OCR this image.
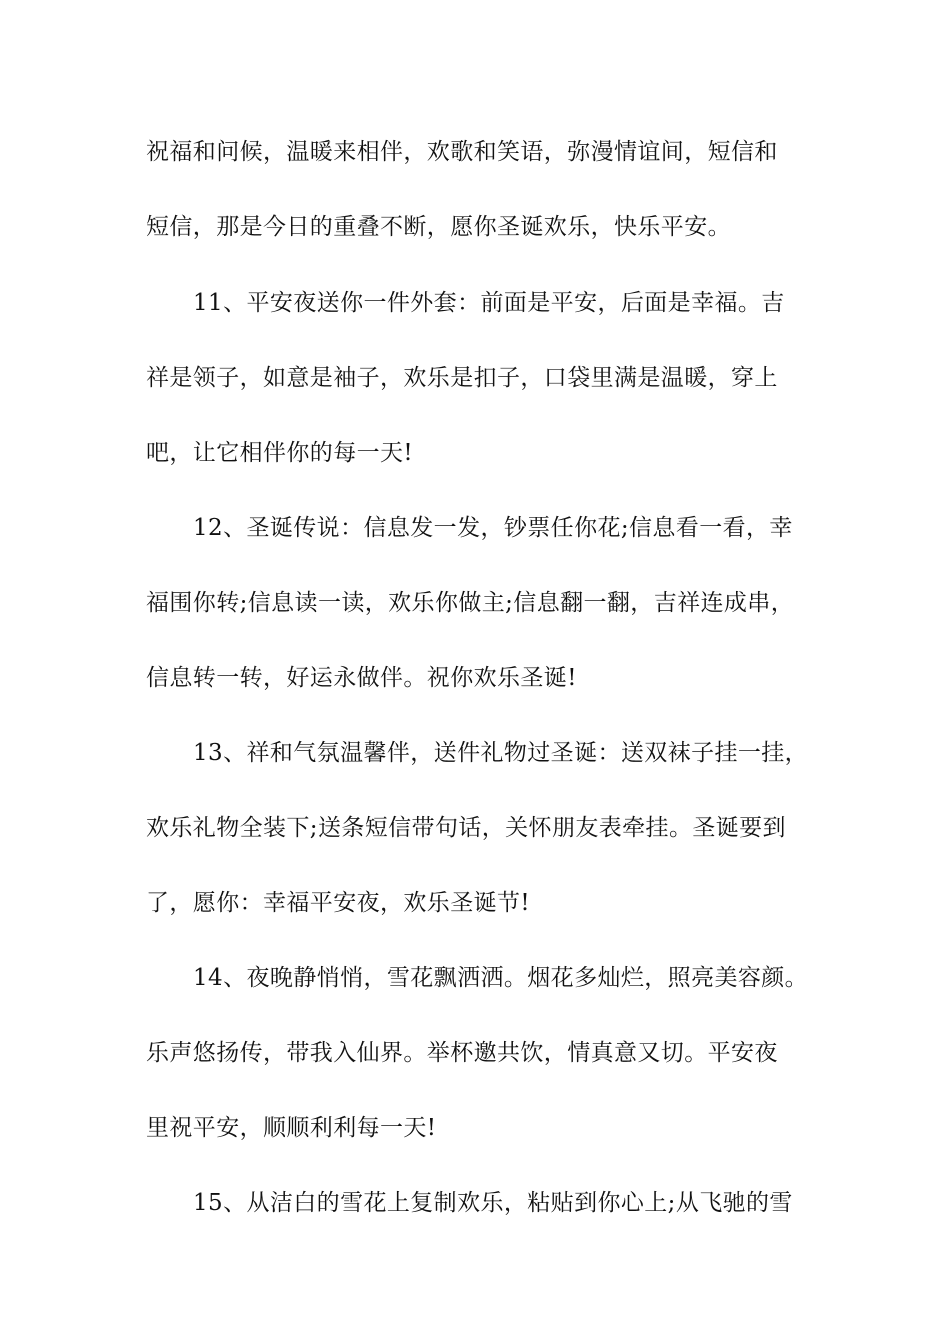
祝福和问候，温暖来相伴，欢歌和笑语，弥漫情谊间，短信和
短信，那是今日的重叠不断，愿你圣诞欢乐，快乐平安。
11、平安夜送你一件外套：前面是平安，后面是幸福。吉
祥是领子，如意是袖子，欢乐是扣子，口袋里满是温暖，穿上
吧，让它相伴你的每一天!
12、圣诞传说：信息发一发，钞票任你花;信息看一看，幸
福围你转;信息读一读，欢乐你做主;信息翻一翻，吉祥连成串，
信息转一转，好运永做伴。祝你欢乐圣诞!
13、祥和气氛温馨伴，送件礼物过圣诞：送双袜子挂一挂，
欢乐礼物全装下;送条短信带句话，关怀朋友表牵挂。圣诞要到
了，愿你：幸福平安夜，欢乐圣诞节!
14、夜晚静悄悄，雪花飘洒洒。烟花多灿烂，照亮美容颜。
乐声悠扬传，带我入仙界。举杯邀共饮，情真意又切。平安夜
里祝平安，顺顺利利每一天!
15、从洁白的雪花上复制欢乐，粘贴到你心上;从飞驰的雪
